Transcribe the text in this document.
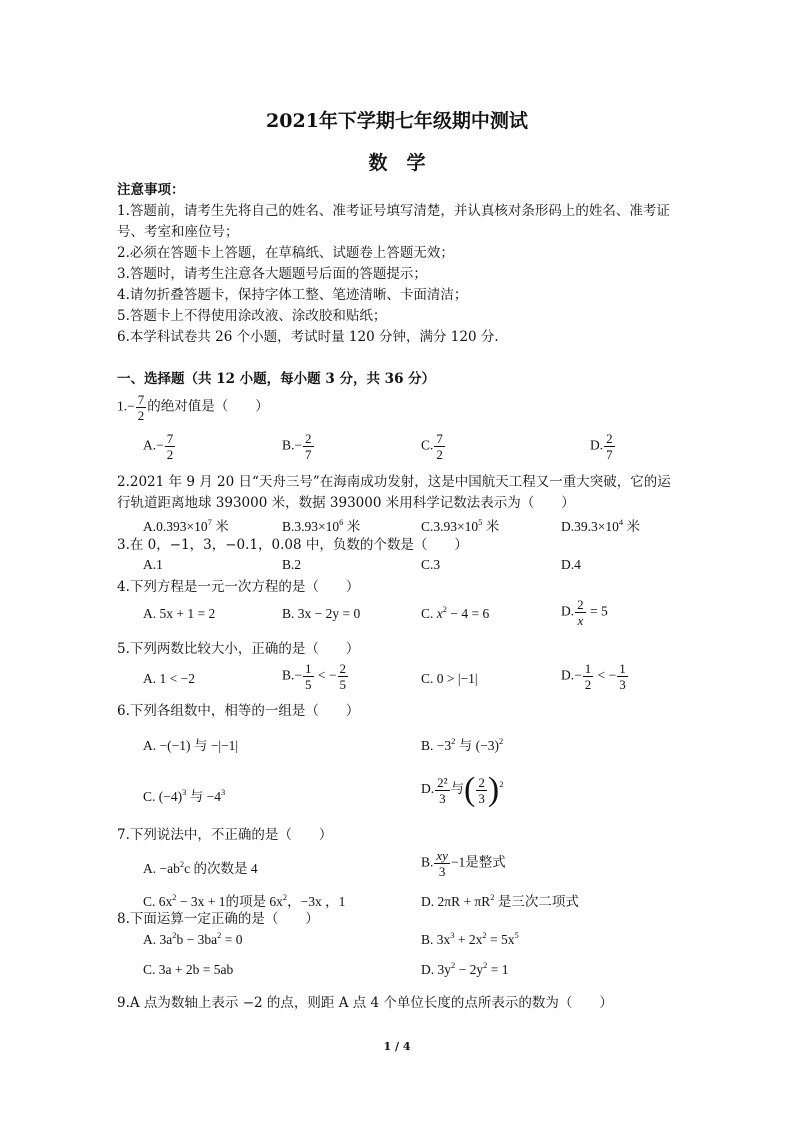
2021年下学期七年级期中测试
数　学
注意事项：
1.答题前，请考生先将自己的姓名、准考证号填写清楚，并认真核对条形码上的姓名、准考证
号、考室和座位号；
2.必须在答题卡上答题，在草稿纸、试题卷上答题无效；
3.答题时，请考生注意各大题题号后面的答题提示；
4.请勿折叠答题卡，保持字体工整、笔迹清晰、卡面清洁；
5.答题卡上不得使用涂改液、涂改胶和贴纸；
6.本学科试卷共 26 个小题，考试时量 120 分钟，满分 120 分.
一、选择题（共 12 小题，每小题 3 分，共 36 分）
$1.- \frac{7}{2}$ 的绝对值是（　　）
$A.- \frac{7}{2}$	$B.- \frac{2}{7}$	C. $\frac{7}{2}$	D. $\frac{2}{7}$
2.2021 年 9 月 20 日“天舟三号”在海南成功发射，这是中国航天工程又一重大突破，它的运
行轨道距离地球 393000 米，数据 393000 米用科学记数法表示为（　　）
$A.0.393\times 10^7$ 米	$B.3.93\times 10^6$ 米	$C.3.93\times 10^5$ 米	$D.39.3\times 10^4$ 米
3.在 0，−1，3，−0.1，0.08 中，负数的个数是（　　）
A.1	B.2	C.3	D.4
4.下列方程是一元一次方程的是（　　）
A. 5x + 1 = 2	B. 3x − 2y = 0	C. $x^2 - 4 = 6$	D. $\frac{2}{x} = 5$
5.下列两数比较大小，正确的是（　　）
A. 1 < −2	$B.- \frac{1}{5}$ < − $\frac{2}{5}$	C. 0 > |−1|	$D.- \frac{1}{2}$ < − $\frac{1}{3}$
6.下列各组数中，相等的一组是（　　）
A. −(−1) 与 −|−1|	B. $-3^2$ 与 $(-3)^2$
C. $(-4)^3$ 与 $-4^3$	D. $\frac{\text{2²}}{3}$ 与( $\frac{2}{3} )^2$
7.下列说法中，不正确的是（　　）
A. $-ab^2c$ 的次数是 4	B. $\frac{xy}{3} -1$是整式
C. $6x^2 - 3x + 1$的项是 $6x^2$，−3x ，1	D. $2\pi R + \pi R^2$ 是三次二项式
8.下面运算一定正确的是（　　）
A. $3a^2b - 3ba^2 = 0$	B. $3x^3 + 2x^2 = 5x^5$
C. 3a + 2b = 5ab	D. $3y^2 - 2y^2 = 1$
9.A 点为数轴上表示 −2 的点，则距 A 点 4 个单位长度的点所表示的数为（　　）
1 / 4
